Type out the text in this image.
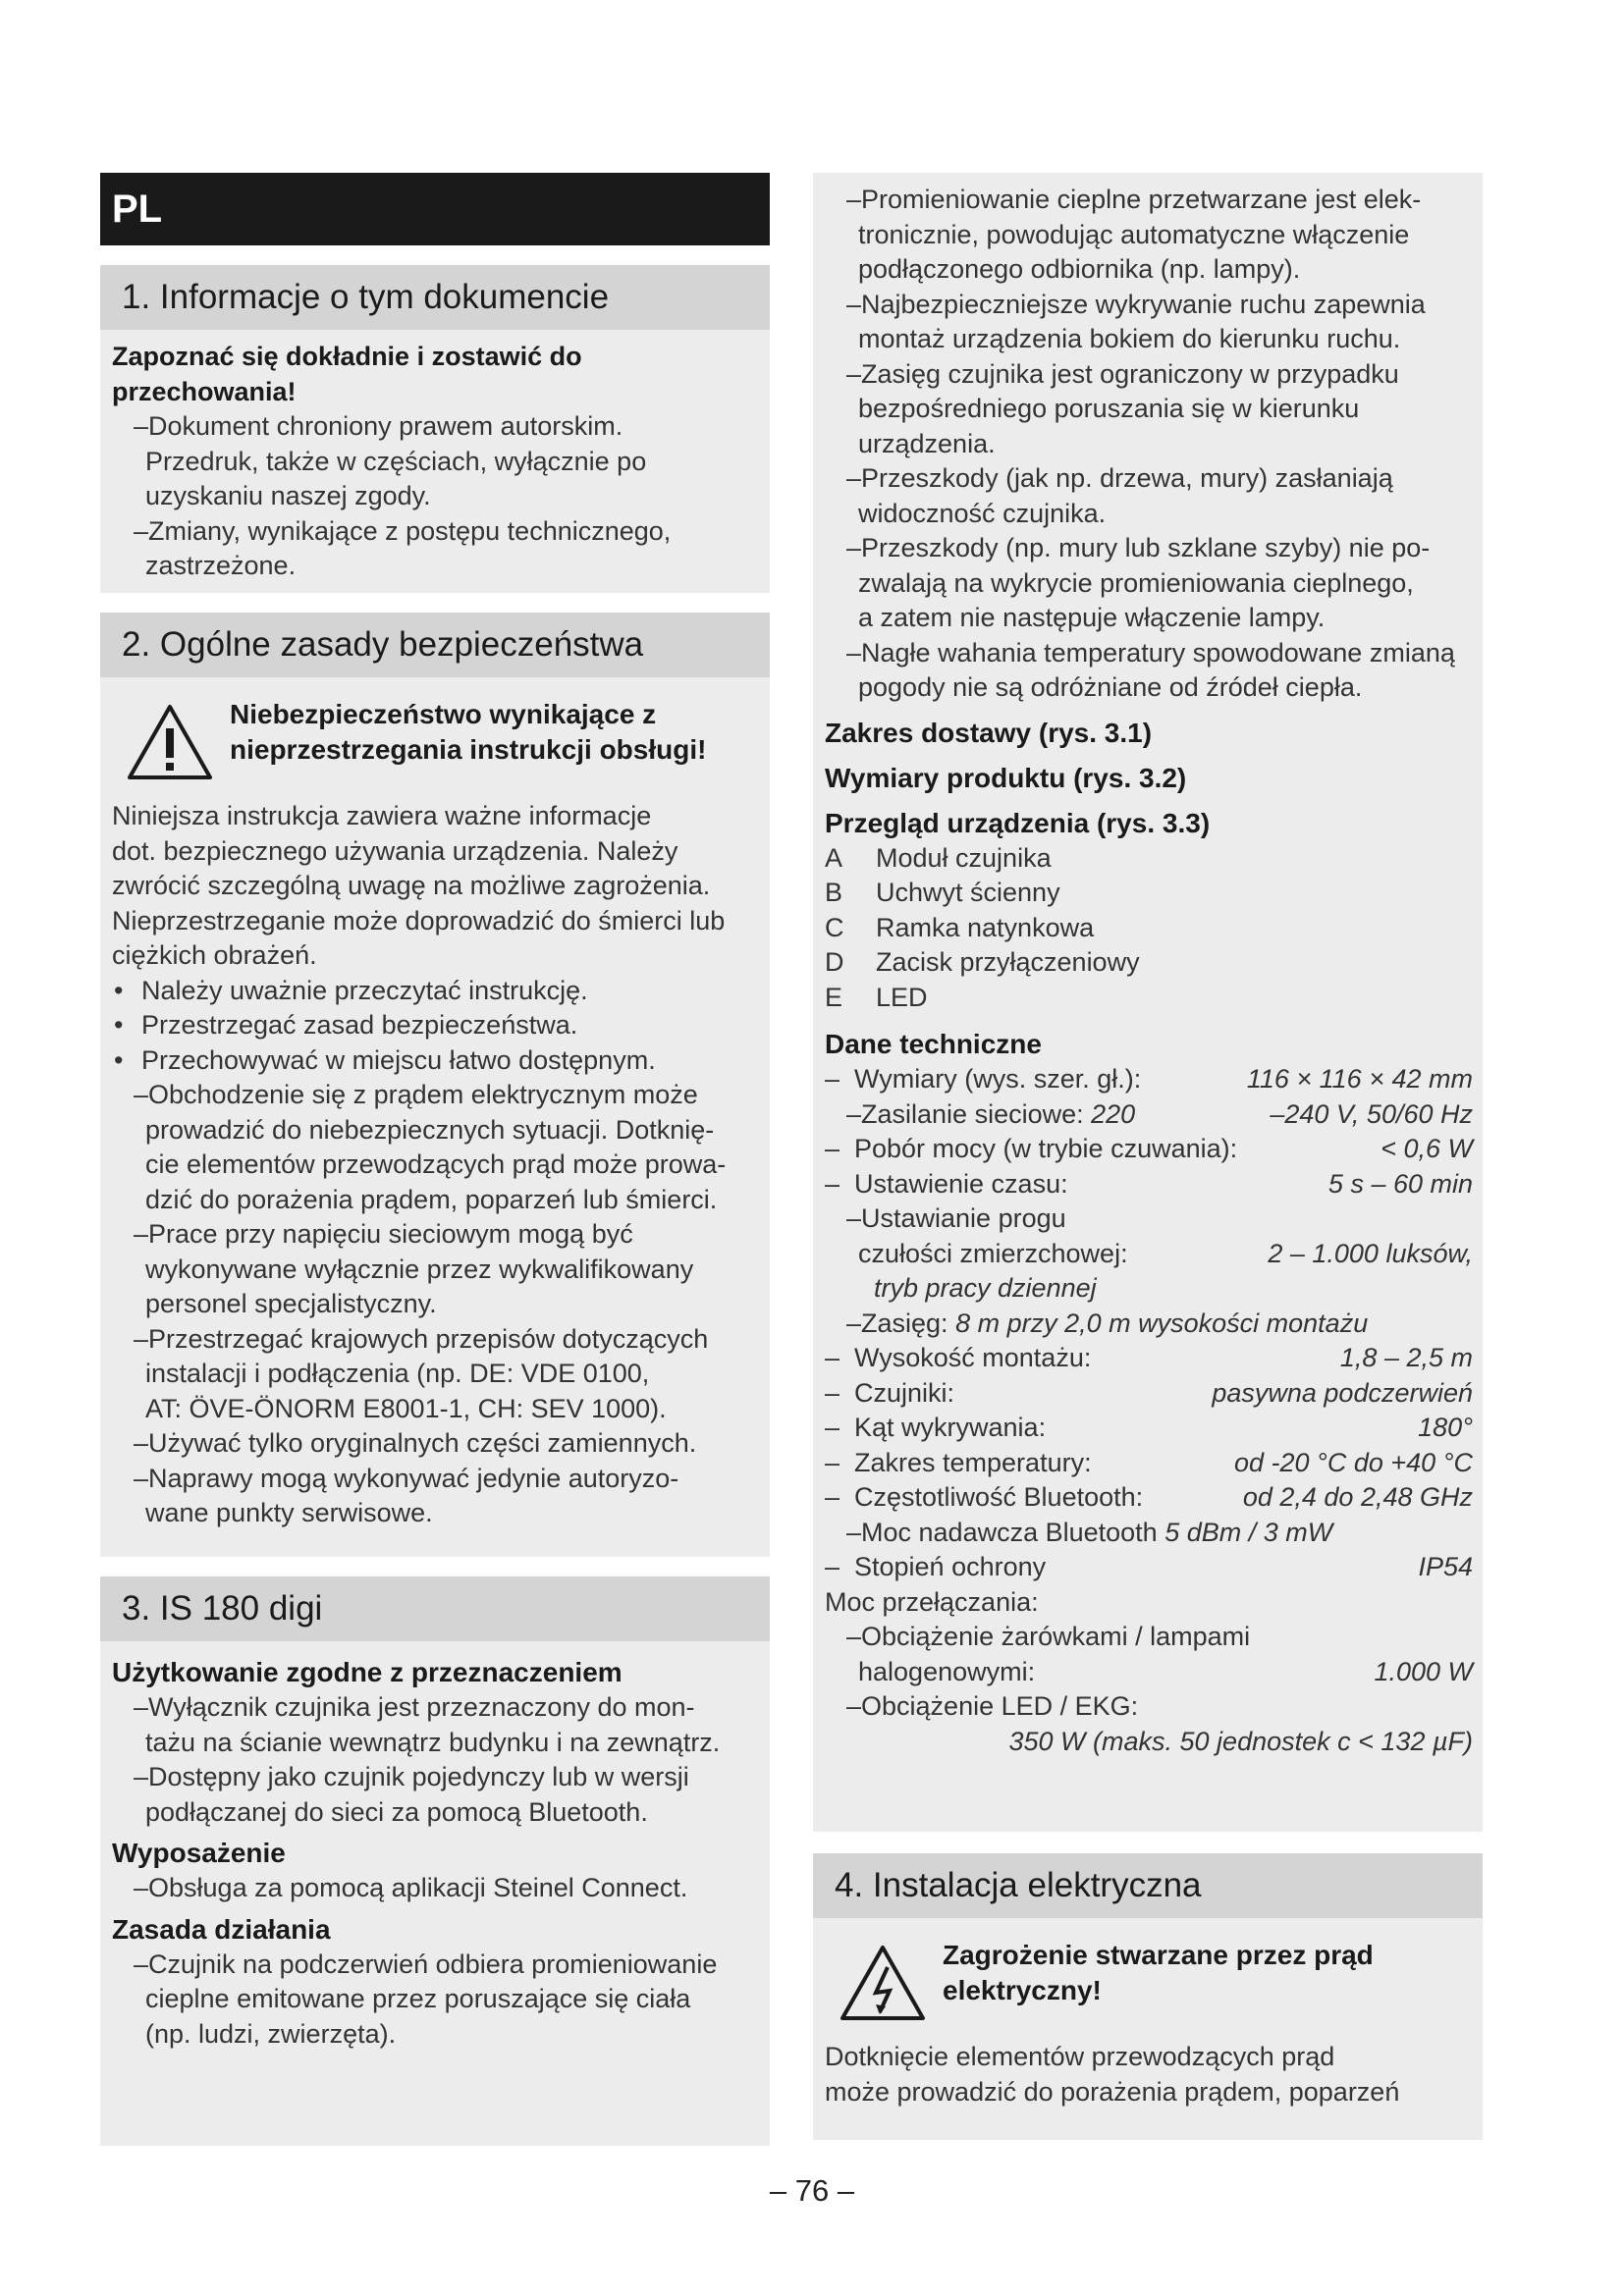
PL
1. Informacje o tym dokumencie
Zapoznać się dokładnie i zostawić do
przechowania!
–Dokument chroniony prawem autorskim.
Przedruk, także w częściach, wyłącznie po
uzyskaniu naszej zgody.
–Zmiany, wynikające z postępu technicznego,
zastrzeżone.
2. Ogólne zasady bezpieczeństwa
Niebezpieczeństwo wynikające z
nieprzestrzegania instrukcji obsługi!
Niniejsza instrukcja zawiera ważne informacje
dot. bezpiecznego używania urządzenia. Należy
zwrócić szczególną uwagę na możliwe zagrożenia.
Nieprzestrzeganie może doprowadzić do śmierci lub
ciężkich obrażeń.
• Należy uważnie przeczytać instrukcję.
• Przestrzegać zasad bezpieczeństwa.
• Przechowywać w miejscu łatwo dostępnym.
–Obchodzenie się z prądem elektrycznym może
prowadzić do niebezpiecznych sytuacji. Dotknię-
cie elementów przewodzących prąd może prowa-
dzić do porażenia prądem, poparzeń lub śmierci.
–Prace przy napięciu sieciowym mogą być
wykonywane wyłącznie przez wykwalifikowany
personel specjalistyczny.
–Przestrzegać krajowych przepisów dotyczących
instalacji i podłączenia (np. DE: VDE 0100,
AT: ÖVE-ÖNORM E8001-1, CH: SEV 1000).
–Używać tylko oryginalnych części zamiennych.
–Naprawy mogą wykonywać jedynie autoryzo-
wane punkty serwisowe.
3. IS 180 digi
Użytkowanie zgodne z przeznaczeniem
–Wyłącznik czujnika jest przeznaczony do mon-
tażu na ścianie wewnątrz budynku i na zewnątrz.
–Dostępny jako czujnik pojedynczy lub w wersji
podłączanej do sieci za pomocą Bluetooth.
Wyposażenie
–Obsługa za pomocą aplikacji Steinel Connect.
Zasada działania
–Czujnik na podczerwień odbiera promieniowanie
cieplne emitowane przez poruszające się ciała
(np. ludzi, zwierzęta).
–Promieniowanie cieplne przetwarzane jest elek-
tronicznie, powodując automatyczne włączenie
podłączonego odbiornika (np. lampy).
–Najbezpieczniejsze wykrywanie ruchu zapewnia
montaż urządzenia bokiem do kierunku ruchu.
–Zasięg czujnika jest ograniczony w przypadku
bezpośredniego poruszania się w kierunku
urządzenia.
–Przeszkody (jak np. drzewa, mury) zasłaniają
widoczność czujnika.
–Przeszkody (np. mury lub szklane szyby) nie po-
zwalają na wykrycie promieniowania cieplnego,
a zatem nie następuje włączenie lampy.
–Nagłe wahania temperatury spowodowane zmianą
pogody nie są odróżniane od źródeł ciepła.
Zakres dostawy (rys. 3.1)
Wymiary produktu (rys. 3.2)
Przegląd urządzenia (rys. 3.3)
A	Moduł czujnika
B	Uchwyt ścienny
C	Ramka natynkowa
D	Zacisk przyłączeniowy
E	LED
Dane techniczne
– Wymiary (wys. szer. gł.):	116 × 116 × 42 mm
–Zasilanie sieciowe: 220	–240 V, 50/60 Hz
– Pobór mocy (w trybie czuwania):	< 0,6 W
– Ustawienie czasu:	5 s – 60 min
–Ustawianie progu
czułości zmierzchowej:	2 – 1.000 luksów,
tryb pracy dziennej
–Zasięg: 8 m przy 2,0 m wysokości montażu
– Wysokość montażu:	1,8 – 2,5 m
– Czujniki:	pasywna podczerwień
– Kąt wykrywania:	180°
– Zakres temperatury:	od -20 °C do +40 °C
– Częstotliwość Bluetooth:	od 2,4 do 2,48 GHz
–Moc nadawcza Bluetooth 5 dBm / 3 mW
– Stopień ochrony	IP54
Moc przełączania:
–Obciążenie żarówkami / lampami
halogenowymi:	1.000 W
–Obciążenie LED / EKG:
350 W (maks. 50 jednostek c < 132 µF)
4. Instalacja elektryczna
Zagrożenie stwarzane przez prąd
elektryczny!
Dotknięcie elementów przewodzących prąd
może prowadzić do porażenia prądem, poparzeń
– 76 –
